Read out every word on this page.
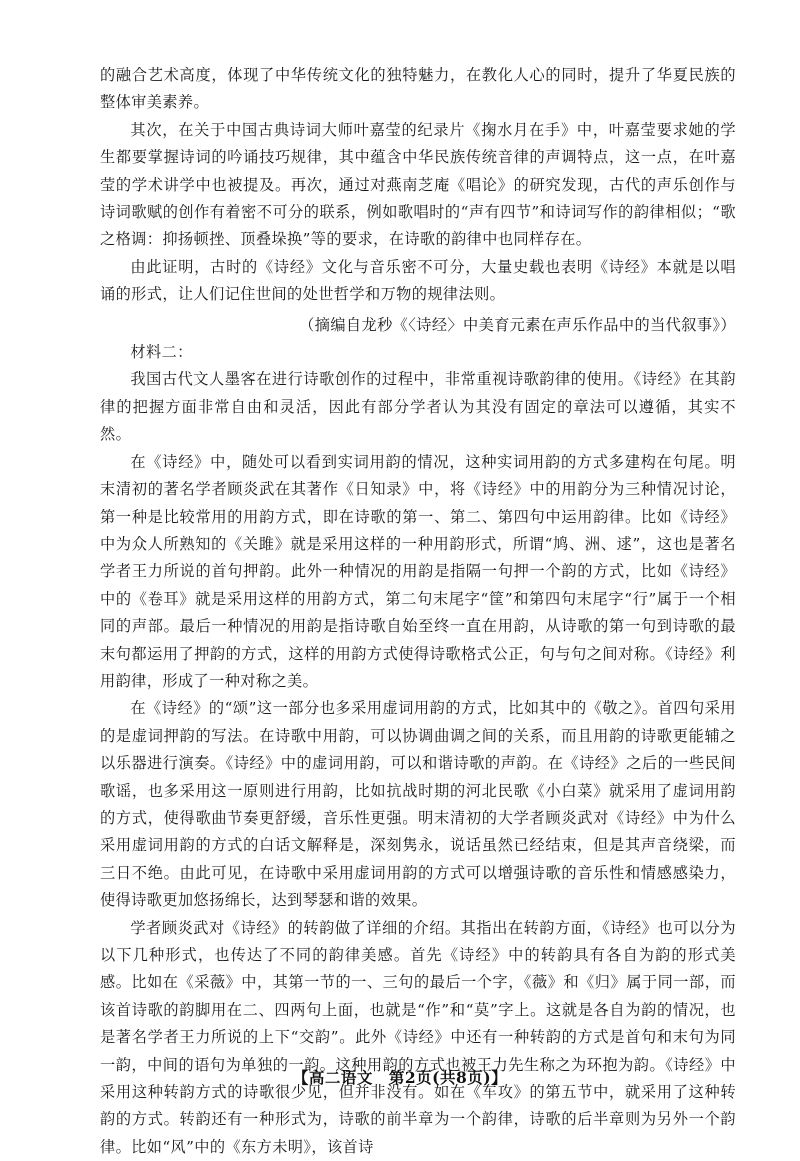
的融合艺术高度，体现了中华传统文化的独特魅力，在教化人心的同时，提升了华夏民族的整体审美素养。

其次，在关于中国古典诗词大师叶嘉莹的纪录片《掬水月在手》中，叶嘉莹要求她的学生都要掌握诗词的吟诵技巧规律，其中蕴含中华民族传统音律的声调特点，这一点，在叶嘉莹的学术讲学中也被提及。再次，通过对燕南芝庵《唱论》的研究发现，古代的声乐创作与诗词歌赋的创作有着密不可分的联系，例如歌唱时的“声有四节”和诗词写作的韵律相似；“歌之格调：抑扬顿挫、顶叠垛换”等的要求，在诗歌的韵律中也同样存在。

由此证明，古时的《诗经》文化与音乐密不可分，大量史载也表明《诗经》本就是以唱诵的形式，让人们记住世间的处世哲学和万物的规律法则。

（摘编自龙秒《〈诗经〉中美育元素在声乐作品中的当代叙事》）

材料二：

我国古代文人墨客在进行诗歌创作的过程中，非常重视诗歌韵律的使用。《诗经》在其韵律的把握方面非常自由和灵活，因此有部分学者认为其没有固定的章法可以遵循，其实不然。

在《诗经》中，随处可以看到实词用韵的情况，这种实词用韵的方式多建构在句尾。明末清初的著名学者顾炎武在其著作《日知录》中，将《诗经》中的用韵分为三种情况讨论，第一种是比较常用的用韵方式，即在诗歌的第一、第二、第四句中运用韵律。比如《诗经》中为众人所熟知的《关雎》就是采用这样的一种用韵形式，所谓“鸠、洲、逑”，这也是著名学者王力所说的首句押韵。此外一种情况的用韵是指隔一句押一个韵的方式，比如《诗经》中的《卷耳》就是采用这样的用韵方式，第二句末尾字“筐”和第四句末尾字“行”属于一个相同的声部。最后一种情况的用韵是指诗歌自始至终一直在用韵，从诗歌的第一句到诗歌的最末句都运用了押韵的方式，这样的用韵方式使得诗歌格式公正，句与句之间对称。《诗经》利用韵律，形成了一种对称之美。

在《诗经》的“颂”这一部分也多采用虚词用韵的方式，比如其中的《敬之》。首四句采用的是虚词押韵的写法。在诗歌中用韵，可以协调曲调之间的关系，而且用韵的诗歌更能辅之以乐器进行演奏。《诗经》中的虚词用韵，可以和谐诗歌的声韵。在《诗经》之后的一些民间歌谣，也多采用这一原则进行用韵，比如抗战时期的河北民歌《小白菜》就采用了虚词用韵的方式，使得歌曲节奏更舒缓，音乐性更强。明末清初的大学者顾炎武对《诗经》中为什么采用虚词用韵的方式的白话文解释是，深刻隽永，说话虽然已经结束，但是其声音绕梁，而三日不绝。由此可见，在诗歌中采用虚词用韵的方式可以增强诗歌的音乐性和情感感染力，使得诗歌更加悠扬绵长，达到琴瑟和谐的效果。

学者顾炎武对《诗经》的转韵做了详细的介绍。其指出在转韵方面，《诗经》也可以分为以下几种形式，也传达了不同的韵律美感。首先《诗经》中的转韵具有各自为韵的形式美感。比如在《采薇》中，其第一节的一、三句的最后一个字，《薇》和《归》属于同一部，而该首诗歌的韵脚用在二、四两句上面，也就是“作”和“莫”字上。这就是各自为韵的情况，也是著名学者王力所说的上下“交韵”。此外《诗经》中还有一种转韵的方式是首句和末句为同一韵，中间的语句为单独的一韵。这种用韵的方式也被王力先生称之为环抱为韵。《诗经》中采用这种转韵方式的诗歌很少见，但并非没有。如在《车攻》的第五节中，就采用了这种转韵的方式。转韵还有一种形式为，诗歌的前半章为一个韵律，诗歌的后半章则为另外一个韵律。比如“风”中的《东方未明》，该首诗

【高二语文　第2页(共8页)】
